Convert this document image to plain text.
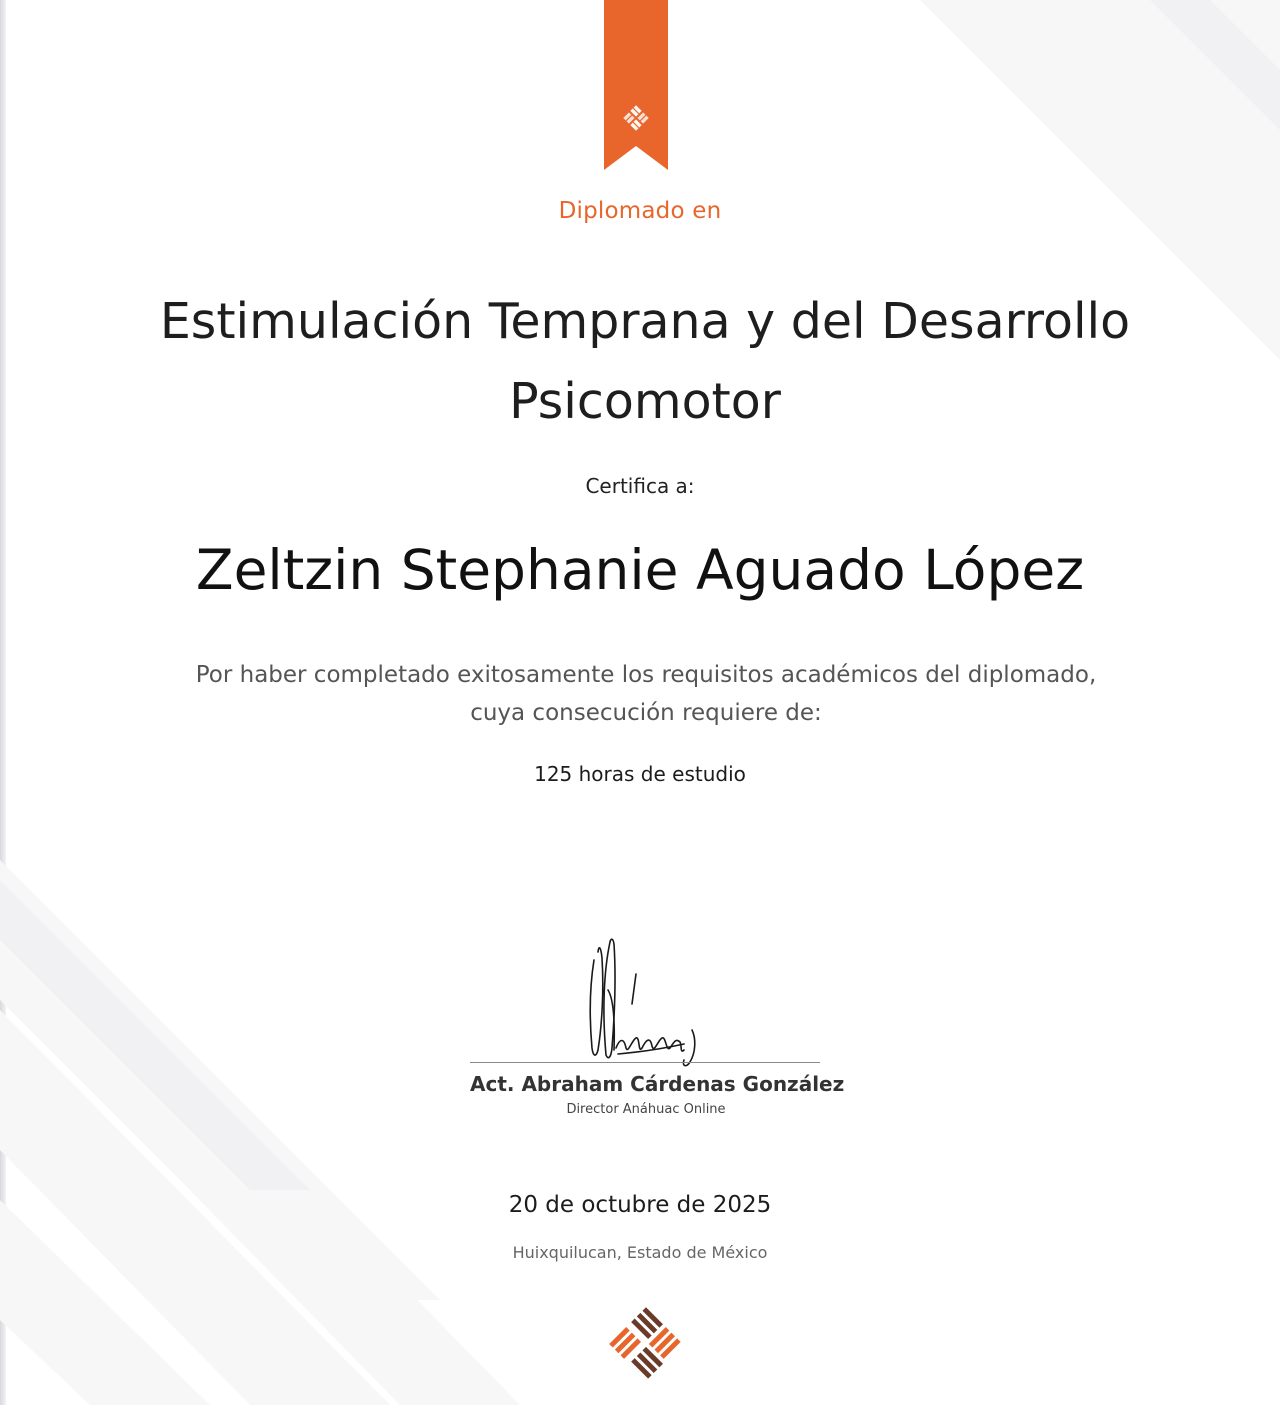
Diplomado en
Estimulación Temprana y del Desarrollo Psicomotor
Certifica a:
Zeltzin Stephanie Aguado López
Por haber completado exitosamente los requisitos académicos del diplomado,
cuya consecución requiere de:
125 horas de estudio
Act. Abraham Cárdenas González
Director Anáhuac Online
20 de octubre de 2025
Huixquilucan, Estado de México
